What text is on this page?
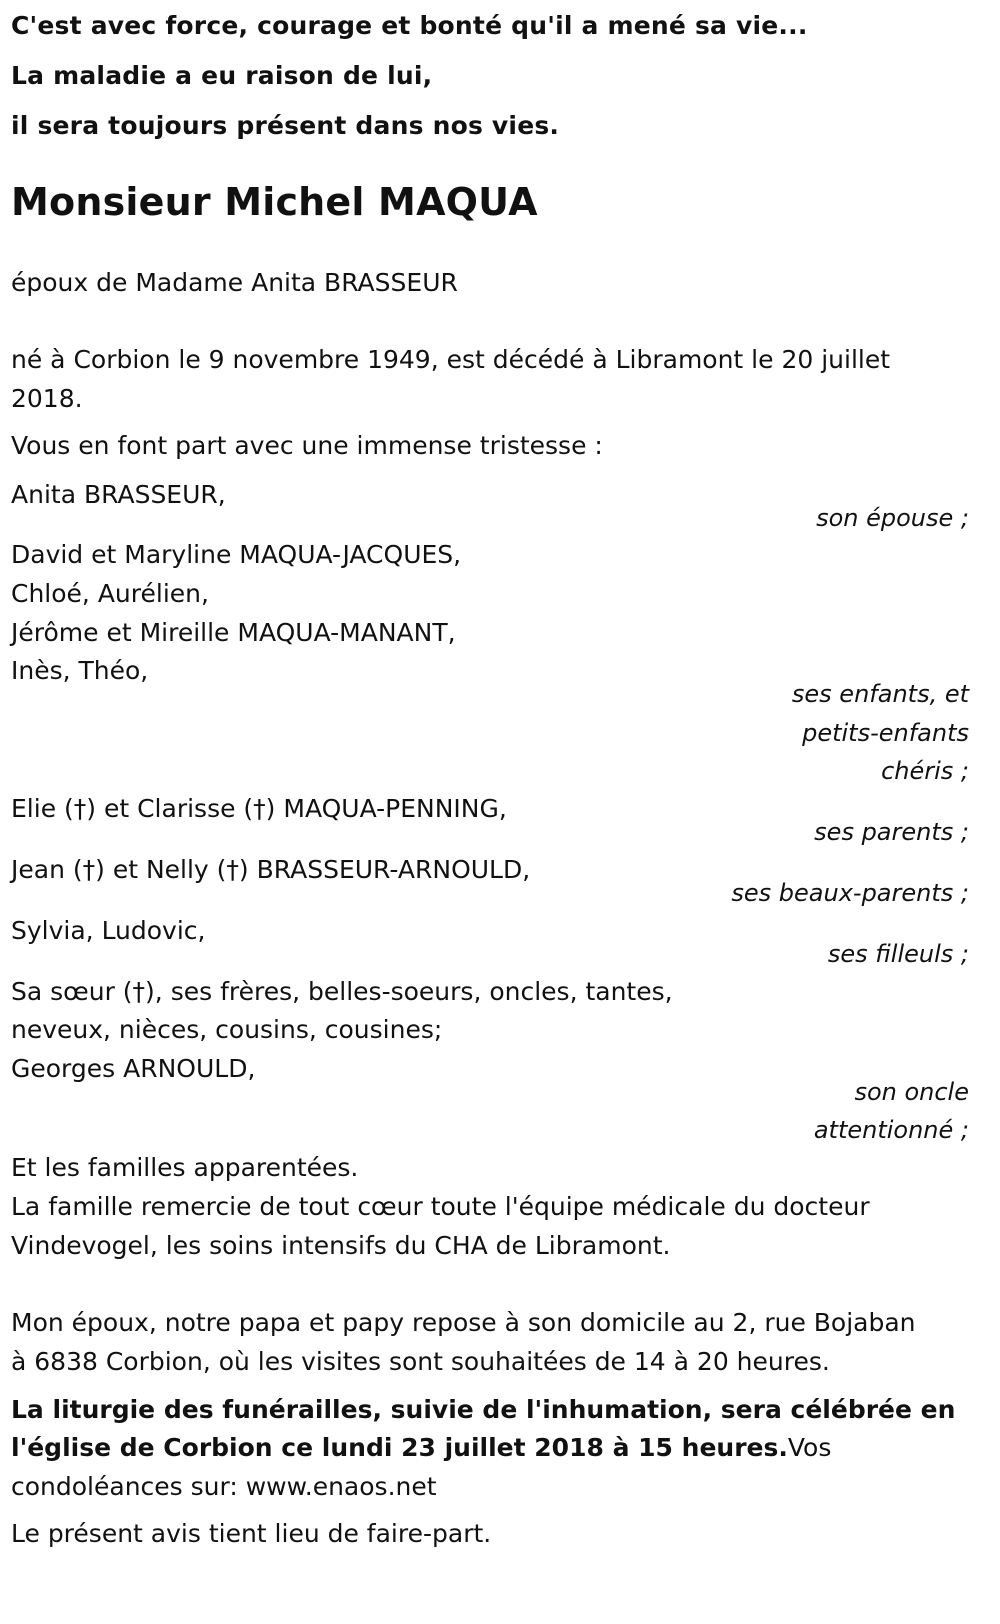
C'est avec force, courage et bonté qu'il a mené sa vie...

La maladie a eu raison de lui,

il sera toujours présent dans nos vies.

Monsieur Michel MAQUA

époux de Madame Anita BRASSEUR

né à Corbion le 9 novembre 1949, est décédé à Libramont le 20 juillet

2018.

Vous en font part avec une immense tristesse :

Anita BRASSEUR,

son épouse ;

David et Maryline MAQUA-JACQUES,

Chloé, Aurélien,

Jérôme et Mireille MAQUA-MANANT,

Inès, Théo,

ses enfants, et

petits-enfants

chéris ;

Elie (†) et Clarisse (†) MAQUA-PENNING,

ses parents ;

Jean (†) et Nelly (†) BRASSEUR-ARNOULD,

ses beaux-parents ;

Sylvia, Ludovic,

ses filleuls ;

Sa sœur (†), ses frères, belles-soeurs, oncles, tantes,

neveux, nièces, cousins, cousines;

Georges ARNOULD,

son oncle

attentionné ;

Et les familles apparentées.

La famille remercie de tout cœur toute l'équipe médicale du docteur

Vindevogel, les soins intensifs du CHA de Libramont.

Mon époux, notre papa et papy repose à son domicile au 2, rue Bojaban

à 6838 Corbion, où les visites sont souhaitées de 14 à 20 heures.

La liturgie des funérailles, suivie de l'inhumation, sera célébrée en

l'église de Corbion ce lundi 23 juillet 2018 à 15 heures.Vos

condoléances sur: www.enaos.net

Le présent avis tient lieu de faire-part.
